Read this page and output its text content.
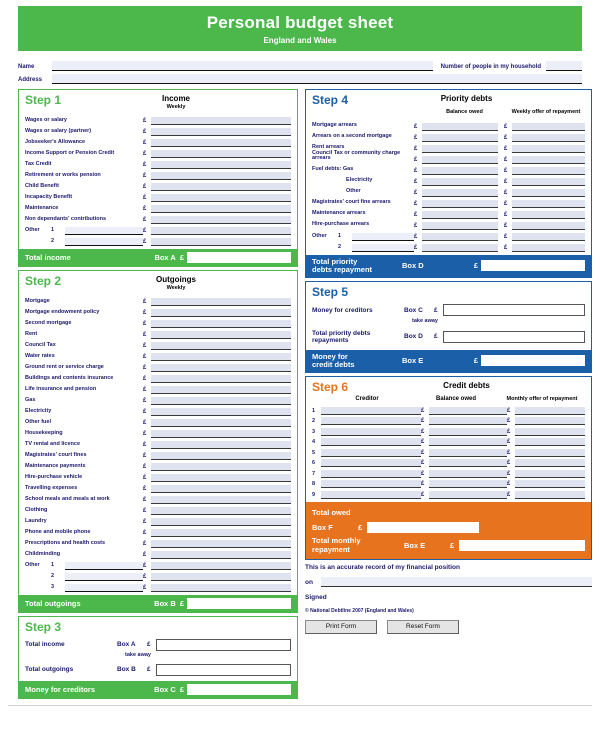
Personal budget sheet
England and Wales
Name	Number of people in my household
Address
Step 1	Income
Weekly
Wages or salary	£
Wages or salary (partner)	£
Jobseeker's Allowance	£
Income Support or Pension Credit	£
Tax Credit	£
Retirement or works pension	£
Child Benefit	£
Incapacity Benefit	£
Maintenance	£
Non dependants' contributions	£
Other	1	£
2	£
Total income	Box A £
Step 2	Outgoings
Weekly
Mortgage	£
Mortgage endowment policy	£
Second mortgage	£
Rent	£
Council Tax	£
Water rates	£
Ground rent or service charge	£
Buildings and contents insurance	£
Life insurance and pension	£
Gas	£
Electricity	£
Other fuel	£
Housekeeping	£
TV rental and licence	£
Magistrates' court fines	£
Maintenance payments	£
Hire-purchase vehicle	£
Travelling expenses	£
School meals and meals at work	£
Clothing	£
Laundry	£
Phone and mobile phone	£
Prescriptions and health costs	£
Childminding	£
Other	1	£
2	£
3	£
Total outgoings	Box B £
Step 3
Total income	Box A	£
take away
Total outgoings	Box B	£
Money for creditors	Box C £
Step 4	Priority debts
Balance owed	Weekly offer of repayment
Mortgage arrears	£	£
Arrears on a second mortgage	£	£
Rent arrears	£	£
Council Tax or community charge arrears	£	£
Fuel debts: Gas	£	£
Electricity	£	£
Other	£	£
Magistrates' court fine arrears	£	£
Maintenance arrears	£	£
Hire-purchase arrears	£	£
Other	1	£	£
2	£	£
Total priority
debts repayment	Box D	£
Step 5
Money for creditors	Box C	£
take away
Total priority debts repayments	Box D	£
Money for
credit debts	Box E	£
Step 6	Credit debts
Creditor	Balance owed	Monthly offer of repayment
1	£	£
2	£	£
3	£	£
4	£	£
5	£	£
6	£	£
7	£	£
8	£	£
9	£	£
Total owed
Box F	£
Total monthly
repayment	Box E	£
This is an accurate record of my financial position
on
Signed
© National Debtline 2007 (England and Wales)
Print Form	Reset Form
